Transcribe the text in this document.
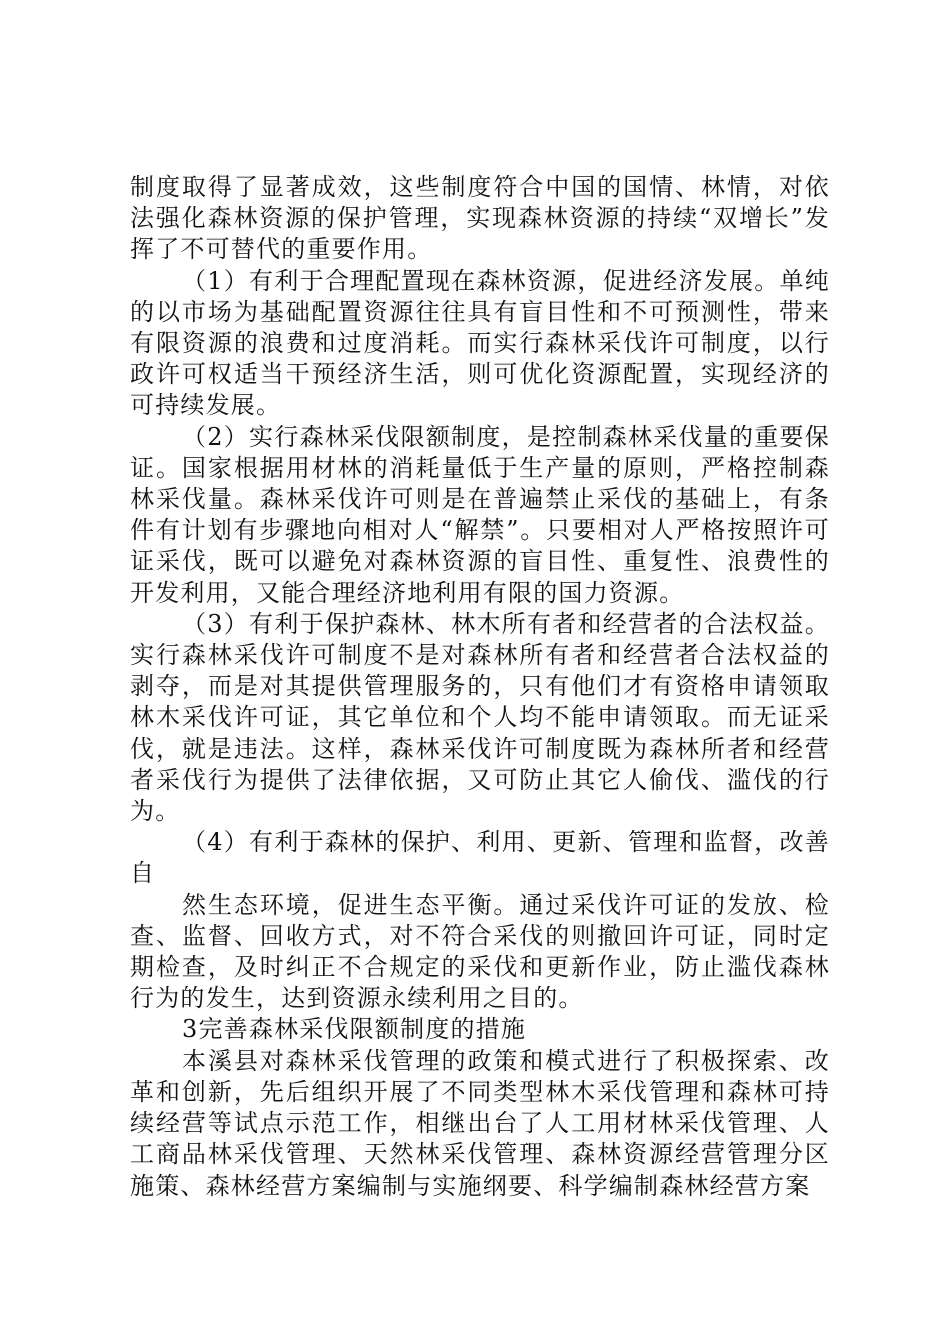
制度取得了显著成效，这些制度符合中国的国情、林情，对依法强化森林资源的保护管理，实现森林资源的持续“双增长”发挥了不可替代的重要作用。

（1）有利于合理配置现在森林资源，促进经济发展。单纯的以市场为基础配置资源往往具有盲目性和不可预测性，带来有限资源的浪费和过度消耗。而实行森林采伐许可制度，以行政许可权适当干预经济生活，则可优化资源配置，实现经济的可持续发展。

（2）实行森林采伐限额制度，是控制森林采伐量的重要保证。国家根据用材林的消耗量低于生产量的原则，严格控制森林采伐量。森林采伐许可则是在普遍禁止采伐的基础上，有条件有计划有步骤地向相对人“解禁”。只要相对人严格按照许可证采伐，既可以避免对森林资源的盲目性、重复性、浪费性的开发利用，又能合理经济地利用有限的国力资源。

（3）有利于保护森林、林木所有者和经营者的合法权益。实行森林采伐许可制度不是对森林所有者和经营者合法权益的剥夺，而是对其提供管理服务的，只有他们才有资格申请领取林木采伐许可证，其它单位和个人均不能申请领取。而无证采伐，就是违法。这样，森林采伐许可制度既为森林所者和经营者采伐行为提供了法律依据，又可防止其它人偷伐、滥伐的行为。

（4）有利于森林的保护、利用、更新、管理和监督，改善自

然生态环境，促进生态平衡。通过采伐许可证的发放、检查、监督、回收方式，对不符合采伐的则撤回许可证，同时定期检查，及时纠正不合规定的采伐和更新作业，防止滥伐森林行为的发生，达到资源永续利用之目的。

3完善森林采伐限额制度的措施

本溪县对森林采伐管理的政策和模式进行了积极探索、改革和创新，先后组织开展了不同类型林木采伐管理和森林可持续经营等试点示范工作，相继出台了人工用材林采伐管理、人工商品林采伐管理、天然林采伐管理、森林资源经营管理分区施策、森林经营方案编制与实施纲要、科学编制森林经营方案
